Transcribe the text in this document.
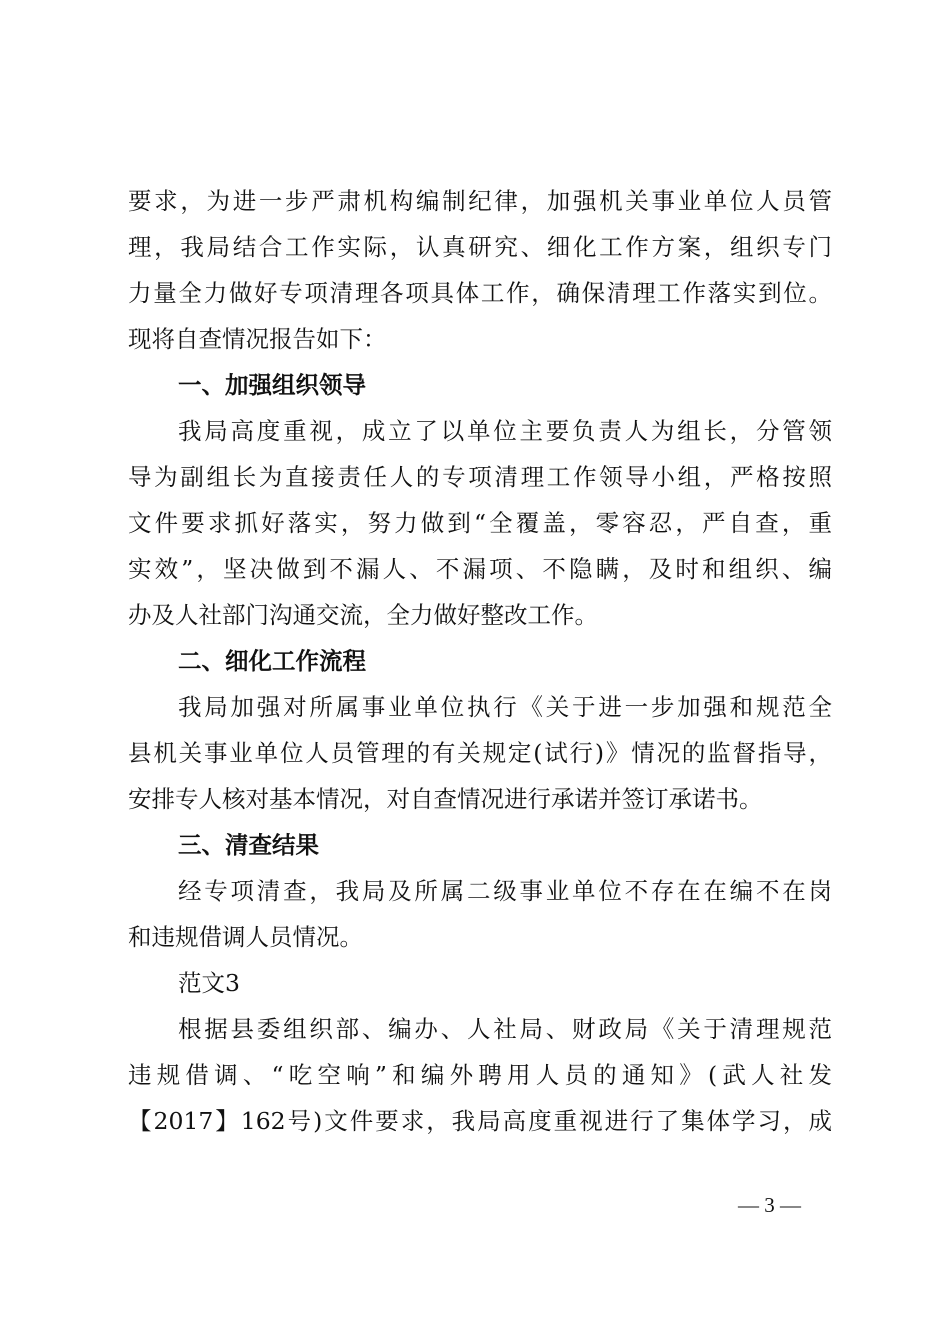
要求，为进一步严肃机构编制纪律，加强机关事业单位人员管
理，我局结合工作实际，认真研究、细化工作方案，组织专门
力量全力做好专项清理各项具体工作，确保清理工作落实到位。
现将自查情况报告如下：
一、加强组织领导
我局高度重视，成立了以单位主要负责人为组长，分管领
导为副组长为直接责任人的专项清理工作领导小组，严格按照
文件要求抓好落实，努力做到“全覆盖，零容忍，严自查，重
实效”，坚决做到不漏人、不漏项、不隐瞒，及时和组织、编
办及人社部门沟通交流，全力做好整改工作。
二、细化工作流程
我局加强对所属事业单位执行《关于进一步加强和规范全
县机关事业单位人员管理的有关规定(试行)》情况的监督指导，
安排专人核对基本情况，对自查情况进行承诺并签订承诺书。
三、清查结果
经专项清查，我局及所属二级事业单位不存在在编不在岗
和违规借调人员情况。
范文3
根据县委组织部、编办、人社局、财政局《关于清理规范
违规借调、“吃空响”和编外聘用人员的通知》(武人社发
【2017】162号)文件要求，我局高度重视进行了集体学习，成
— 3 —
